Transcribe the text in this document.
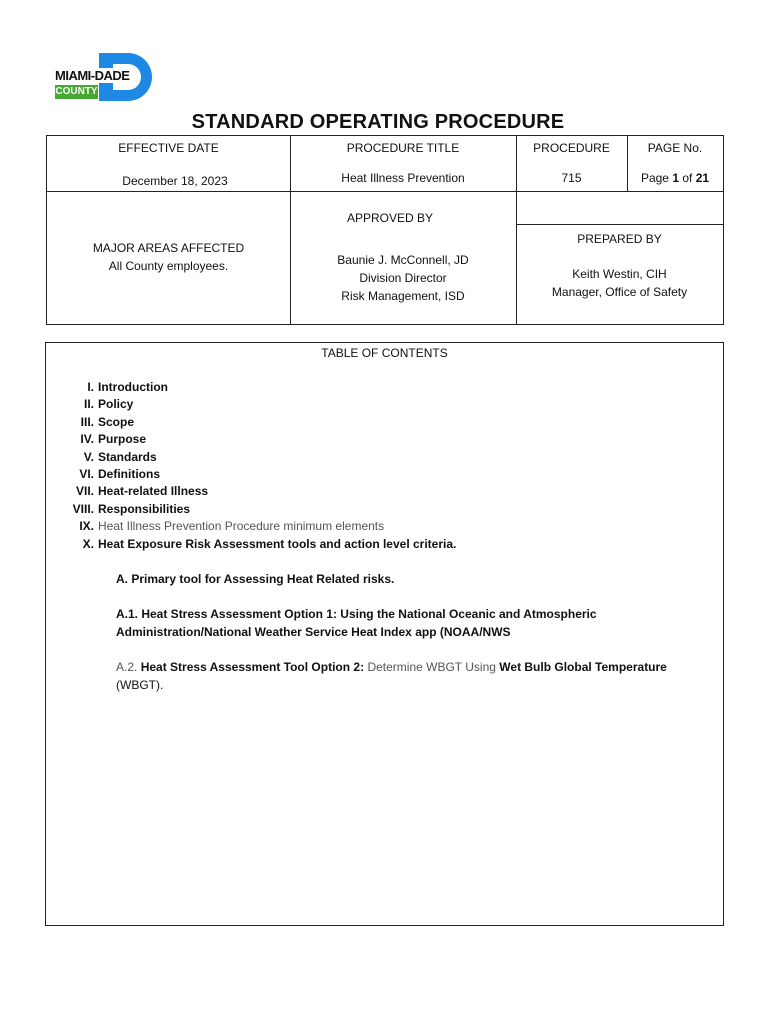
MIAMI-DADE
COUNTY
STANDARD OPERATING PROCEDURE
EFFECTIVE DATE
December 18, 2023
PROCEDURE TITLE
Heat Illness Prevention
PROCEDURE
715
PAGE No.
Page 1 of 21
MAJOR AREAS AFFECTED
All County employees.
APPROVED BY
Baunie J. McConnell, JD
Division Director
Risk Management, ISD
PREPARED BY
Keith Westin, CIH
Manager, Office of Safety
TABLE OF CONTENTS
I. Introduction
II. Policy
III. Scope
IV. Purpose
V. Standards
VI. Definitions
VII. Heat-related Illness
VIII. Responsibilities
IX. Heat Illness Prevention Procedure minimum elements
X. Heat Exposure Risk Assessment tools and action level criteria.
A. Primary tool for Assessing Heat Related risks.
A.1. Heat Stress Assessment Option 1: Using the National Oceanic and Atmospheric Administration/National Weather Service Heat Index app (NOAA/NWS
A.2. Heat Stress Assessment Tool Option 2: Determine WBGT Using Wet Bulb Global Temperature (WBGT).
